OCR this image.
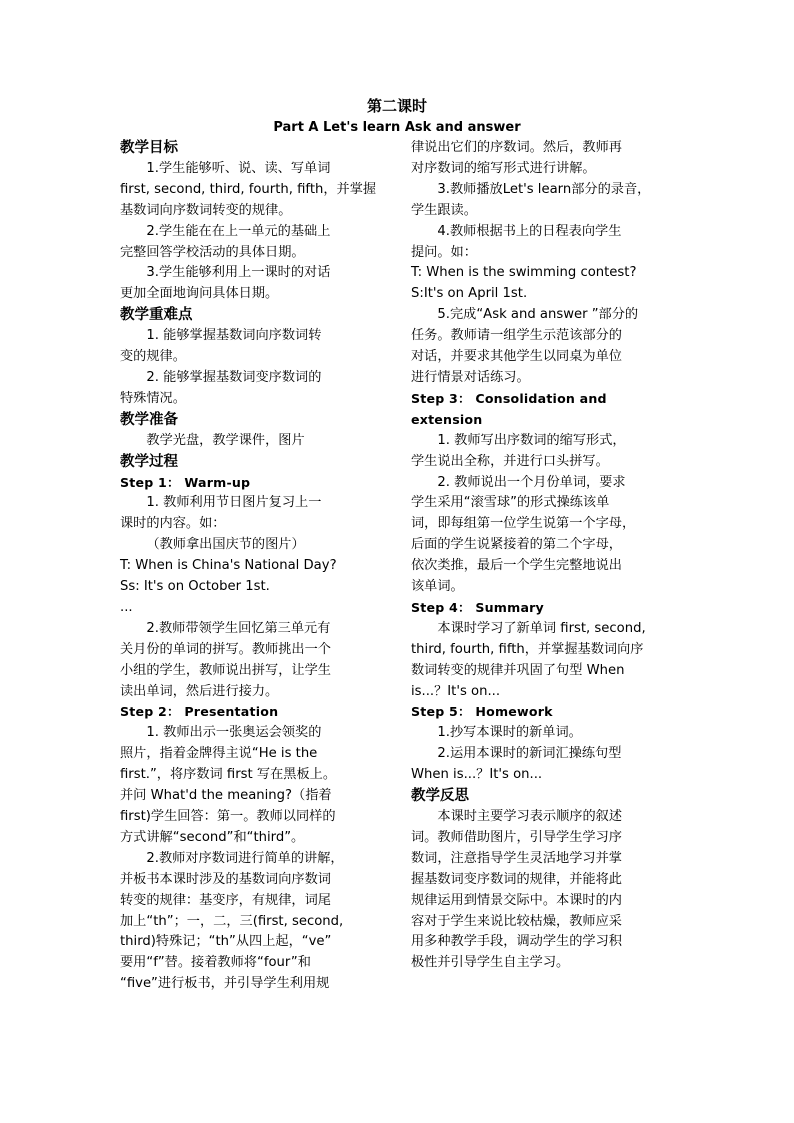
第二课时
Part A Let's learn Ask and answer
教学目标
1.学生能够听、说、读、写单词
first, second, third, fourth, fifth，并掌握
基数词向序数词转变的规律。
2.学生能在在上一单元的基础上
完整回答学校活动的具体日期。
3.学生能够利用上一课时的对话
更加全面地询问具体日期。
教学重难点
1. 能够掌握基数词向序数词转
变的规律。
2. 能够掌握基数词变序数词的
特殊情况。
教学准备
教学光盘，教学课件，图片
教学过程
Step 1： Warm-up
1. 教师利用节日图片复习上一
课时的内容。如：
（教师拿出国庆节的图片）
T: When is China's National Day?
Ss: It's on October 1st.
...
2.教师带领学生回忆第三单元有
关月份的单词的拼写。教师挑出一个
小组的学生，教师说出拼写，让学生
读出单词，然后进行接力。
Step 2： Presentation
1. 教师出示一张奥运会领奖的
照片，指着金牌得主说“He is the
first.”，将序数词 first 写在黑板上。
并问 What'd the meaning?（指着
first)学生回答：第一。教师以同样的
方式讲解“second”和“third”。
2.教师对序数词进行简单的讲解，
并板书本课时涉及的基数词向序数词
转变的规律：基变序，有规律，词尾
加上“th”；一，二，三(first, second,
third)特殊记；“th”从四上起，“ve”
要用“f”替。接着教师将“four”和
“five”进行板书，并引导学生利用规
律说出它们的序数词。然后，教师再
对序数词的缩写形式进行讲解。
3.教师播放Let's learn部分的录音，
学生跟读。
4.教师根据书上的日程表向学生
提问。如：
T: When is the swimming contest?
S:It's on April 1st.
5.完成“Ask and answer ”部分的
任务。教师请一组学生示范该部分的
对话，并要求其他学生以同桌为单位
进行情景对话练习。
Step 3： Consolidation and extension
1. 教师写出序数词的缩写形式，
学生说出全称，并进行口头拼写。
2. 教师说出一个月份单词，要求
学生采用“滚雪球”的形式操练该单
词，即每组第一位学生说第一个字母，
后面的学生说紧接着的第二个字母，
依次类推，最后一个学生完整地说出
该单词。
Step 4： Summary
本课时学习了新单词 first, second,
third, fourth, fifth，并掌握基数词向序
数词转变的规律并巩固了句型 When
is...？It's on...
Step 5： Homework
1.抄写本课时的新单词。
2.运用本课时的新词汇操练句型
When is...？It's on...
教学反思
本课时主要学习表示顺序的叙述
词。教师借助图片，引导学生学习序
数词，注意指导学生灵活地学习并掌
握基数词变序数词的规律，并能将此
规律运用到情景交际中。本课时的内
容对于学生来说比较枯燥，教师应采
用多种教学手段，调动学生的学习积
极性并引导学生自主学习。
